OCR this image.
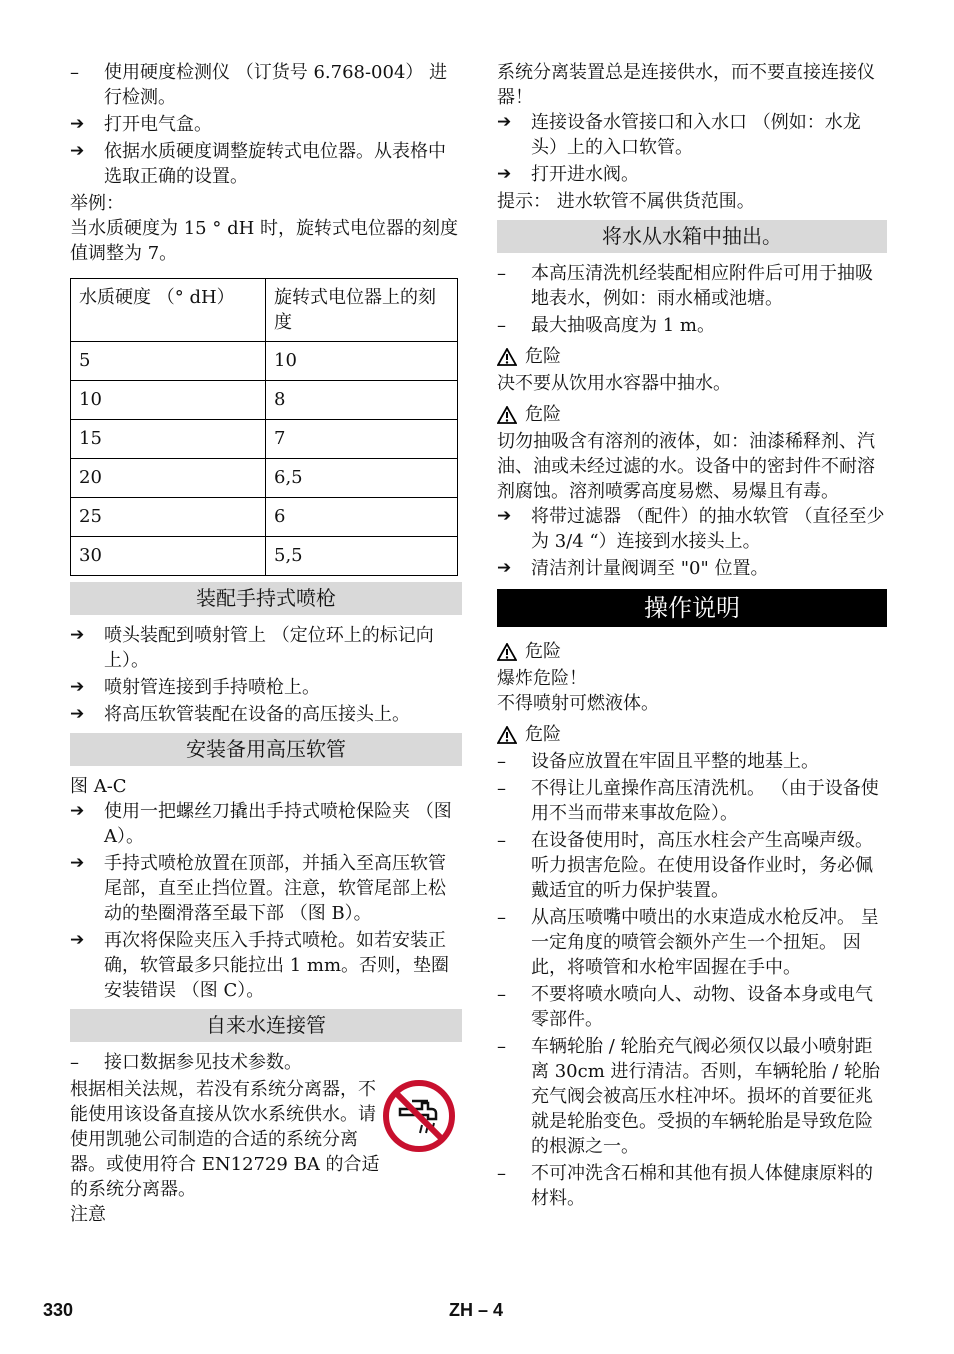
–	使用硬度检测仪 （订货号 6.768-004） 进行检测。
➔	打开电气盒。
➔	依据水质硬度调整旋转式电位器。从表格中选取正确的设置。

举例：

当水质硬度为 15 ° dH 时，旋转式电位器的刻度值调整为 7。

水质硬度 （° dH）	旋转式电位器上的刻度
5	10
10	8
15	7
20	6,5
25	6
30	5,5
装配手持式喷枪
➔	喷头装配到喷射管上 （定位环上的标记向上）。
➔	喷射管连接到手持喷枪上。
➔	将高压软管装配在设备的高压接头上。
安装备用高压软管

图 A-C

➔	使用一把螺丝刀撬出手持式喷枪保险夹 （图 A）。
➔	手持式喷枪放置在顶部，并插入至高压软管尾部，直至止挡位置。注意，软管尾部上松动的垫圈滑落至最下部 （图 B）。
➔	再次将保险夹压入手持式喷枪。如若安装正确，软管最多只能拉出 1 mm。否则，垫圈安装错误 （图 C）。
自来水连接管
–	接口数据参见技术参数。

根据相关法规，若没有系统分离器，不能使用该设备直接从饮水系统供水。请使用凯驰公司制造的合适的系统分离器。或使用符合 EN12729 BA 的合适的系统分离器。

注意

系统分离装置总是连接供水，而不要直接连接仪器！

➔	连接设备水管接口和入水口 （例如：水龙头）上的入口软管。
➔	打开进水阀。

提示： 进水软管不属供货范围。

将水从水箱中抽出。
–	本高压清洗机经装配相应附件后可用于抽吸地表水，例如：雨水桶或池塘。
–	最大抽吸高度为 1 m。
危险

决不要从饮用水容器中抽水。

危险

切勿抽吸含有溶剂的液体，如：油漆稀释剂、汽油、油或未经过滤的水。设备中的密封件不耐溶剂腐蚀。溶剂喷雾高度易燃、易爆且有毒。

➔	将带过滤器 （配件）的抽水软管 （直径至少为 3/4 “）连接到水接头上。
➔	清洁剂计量阀调至 "0" 位置。
操作说明
危险

爆炸危险！

不得喷射可燃液体。

危险
–	设备应放置在牢固且平整的地基上。
–	不得让儿童操作高压清洗机。 （由于设备使用不当而带来事故危险）。
–	在设备使用时，高压水柱会产生高噪声级。听力损害危险。在使用设备作业时，务必佩戴适宜的听力保护装置。
–	从高压喷嘴中喷出的水束造成水枪反冲。 呈一定角度的喷管会额外产生一个扭矩。 因此，将喷管和水枪牢固握在手中。
–	不要将喷水喷向人、动物、设备本身或电气零部件。
–	车辆轮胎 / 轮胎充气阀必须仅以最小喷射距离 30cm 进行清洁。否则，车辆轮胎 / 轮胎充气阀会被高压水柱冲坏。损坏的首要征兆就是轮胎变色。受损的车辆轮胎是导致危险的根源之一。
–	不可冲洗含石棉和其他有损人体健康原料的材料。
330	ZH – 4
